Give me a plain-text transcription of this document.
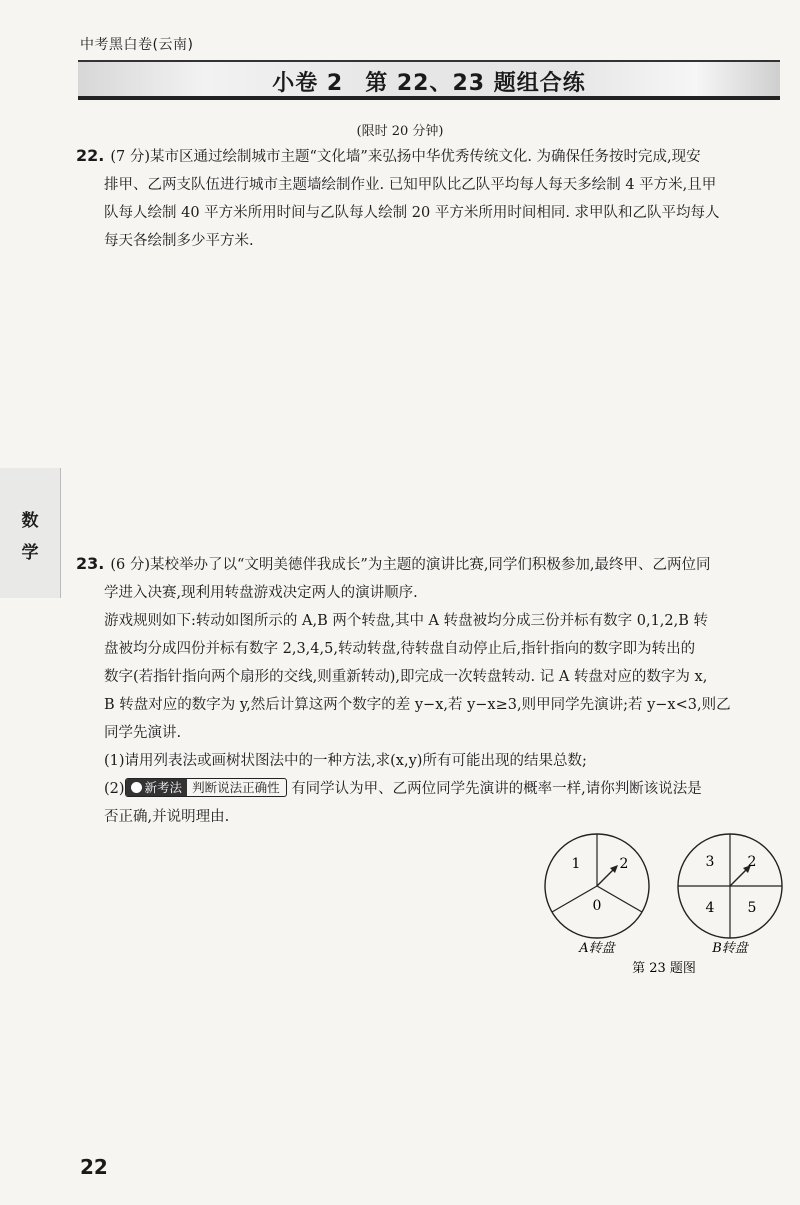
中考黑白卷(云南)
小卷 2 第 22、23 题组合练
(限时 20 分钟)

22. (7 分)某市区通过绘制城市主题“文化墙”来弘扬中华优秀传统文化. 为确保任务按时完成,现安

排甲、乙两支队伍进行城市主题墙绘制作业. 已知甲队比乙队平均每人每天多绘制 4 平方米,且甲

队每人绘制 40 平方米所用时间与乙队每人绘制 20 平方米所用时间相同. 求甲队和乙队平均每人

每天各绘制多少平方米.

数
学

23. (6 分)某校举办了以“文明美德伴我成长”为主题的演讲比赛,同学们积极参加,最终甲、乙两位同

学进入决赛,现利用转盘游戏决定两人的演讲顺序.

游戏规则如下:转动如图所示的 A,B 两个转盘,其中 A 转盘被均分成三份并标有数字 0,1,2,B 转

盘被均分成四份并标有数字 2,3,4,5,转动转盘,待转盘自动停止后,指针指向的数字即为转出的

数字(若指针指向两个扇形的交线,则重新转动),即完成一次转盘转动. 记 A 转盘对应的数字为 x,

B 转盘对应的数字为 y,然后计算这两个数字的差 y−x,若 y−x≥3,则甲同学先演讲;若 y−x<3,则乙

同学先演讲.

(1)请用列表法或画树状图法中的一种方法,求(x,y)所有可能出现的结果总数;

(2) 新考法 判断说法正确性 有同学认为甲、乙两位同学先演讲的概率一样,请你判断该说法是

否正确,并说明理由.

1	2
0
A转盘
3 2
4 5
B转盘
第 23 题图
22
